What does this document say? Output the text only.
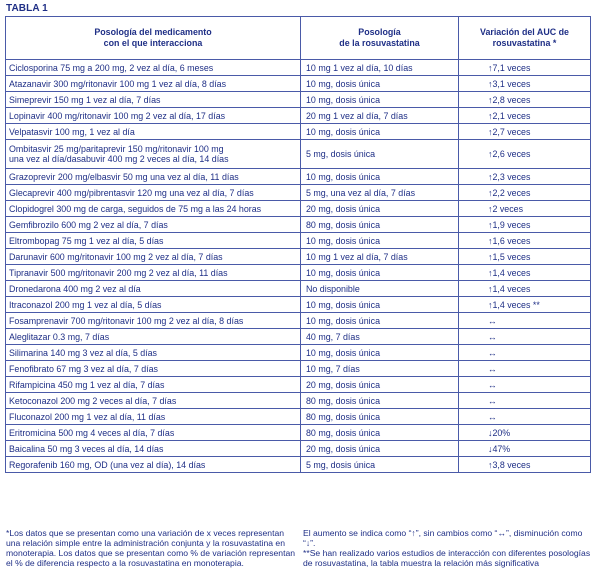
TABLA 1
Posología del medicamento
con el que interacciona	Posología
de la rosuvastatina	Variación del AUC de
rosuvastatina *
Ciclosporina 75 mg a 200 mg, 2 vez al día, 6 meses	10 mg 1 vez al día, 10 días	↑7,1 veces
Atazanavir 300 mg/ritonavir 100 mg 1 vez al día, 8 días	10 mg, dosis única	↑3,1 veces
Simeprevir 150 mg 1 vez al día, 7 días	10 mg, dosis única	↑2,8 veces
Lopinavir 400 mg/ritonavir 100 mg 2 vez al día, 17 días	20 mg 1 vez al día, 7 días	↑2,1 veces
Velpatasvir 100 mg, 1 vez al día	10 mg, dosis única	↑2,7 veces
Ombitasvir 25 mg/paritaprevir 150 mg/ritonavir 100 mg
una vez al día/dasabuvir 400 mg 2 veces al día, 14 días	5 mg, dosis única	↑2,6 veces
Grazoprevir 200 mg/elbasvir 50 mg una vez al día, 11 días	10 mg, dosis única	↑2,3 veces
Glecaprevir 400 mg/pibrentasvir 120 mg una vez al día, 7 días	5 mg, una vez al día, 7 días	↑2,2 veces
Clopidogrel 300 mg de carga, seguidos de 75 mg a las 24 horas	20 mg, dosis única	↑2 veces
Gemfibrozilo 600 mg 2 vez al día, 7 días	80 mg, dosis única	↑1,9 veces
Eltrombopag 75 mg 1 vez al día, 5 días	10 mg, dosis única	↑1,6 veces
Darunavir 600 mg/ritonavir 100 mg 2 vez al día, 7 días	10 mg 1 vez al día, 7 días	↑1,5 veces
Tipranavir 500 mg/ritonavir 200 mg 2 vez al día, 11 días	10 mg, dosis única	↑1,4 veces
Dronedarona 400 mg 2 vez al día	No disponible	↑1,4 veces
Itraconazol 200 mg 1 vez al día, 5 días	10 mg, dosis única	↑1,4 veces **
Fosamprenavir 700 mg/ritonavir 100 mg 2 vez al día, 8 días	10 mg, dosis única	↔
Aleglitazar 0.3 mg, 7 días	40 mg, 7 días	↔
Silimarina 140 mg 3 vez al día, 5 días	10 mg, dosis única	↔
Fenofibrato 67 mg 3 vez al día, 7 días	10 mg, 7 días	↔
Rifampicina 450 mg 1 vez al día, 7 días	20 mg, dosis única	↔
Ketoconazol 200 mg 2 veces al día, 7 días	80 mg, dosis única	↔
Fluconazol 200 mg 1 vez al día, 11 días	80 mg, dosis única	↔
Eritromicina 500 mg 4 veces al día, 7 días	80 mg, dosis única	↓20%
Baicalina 50 mg 3 veces al día, 14 días	20 mg, dosis única	↓47%
Regorafenib 160 mg, OD (una vez al día), 14 días	5 mg, dosis única	↑3,8 veces

*Los datos que se presentan como una variación de x veces representan una relación simple entre la administración conjunta y la rosuvastatina en monoterapia. Los datos que se presentan como % de variación representan el % de diferencia respecto a la rosuvastatina en monoterapia.

El aumento se indica como “↑”, sin cambios como “↔”, disminución como “↓”.

**Se han realizado varios estudios de interacción con diferentes posologías de rosuvastatina, la tabla muestra la relación más significativa
